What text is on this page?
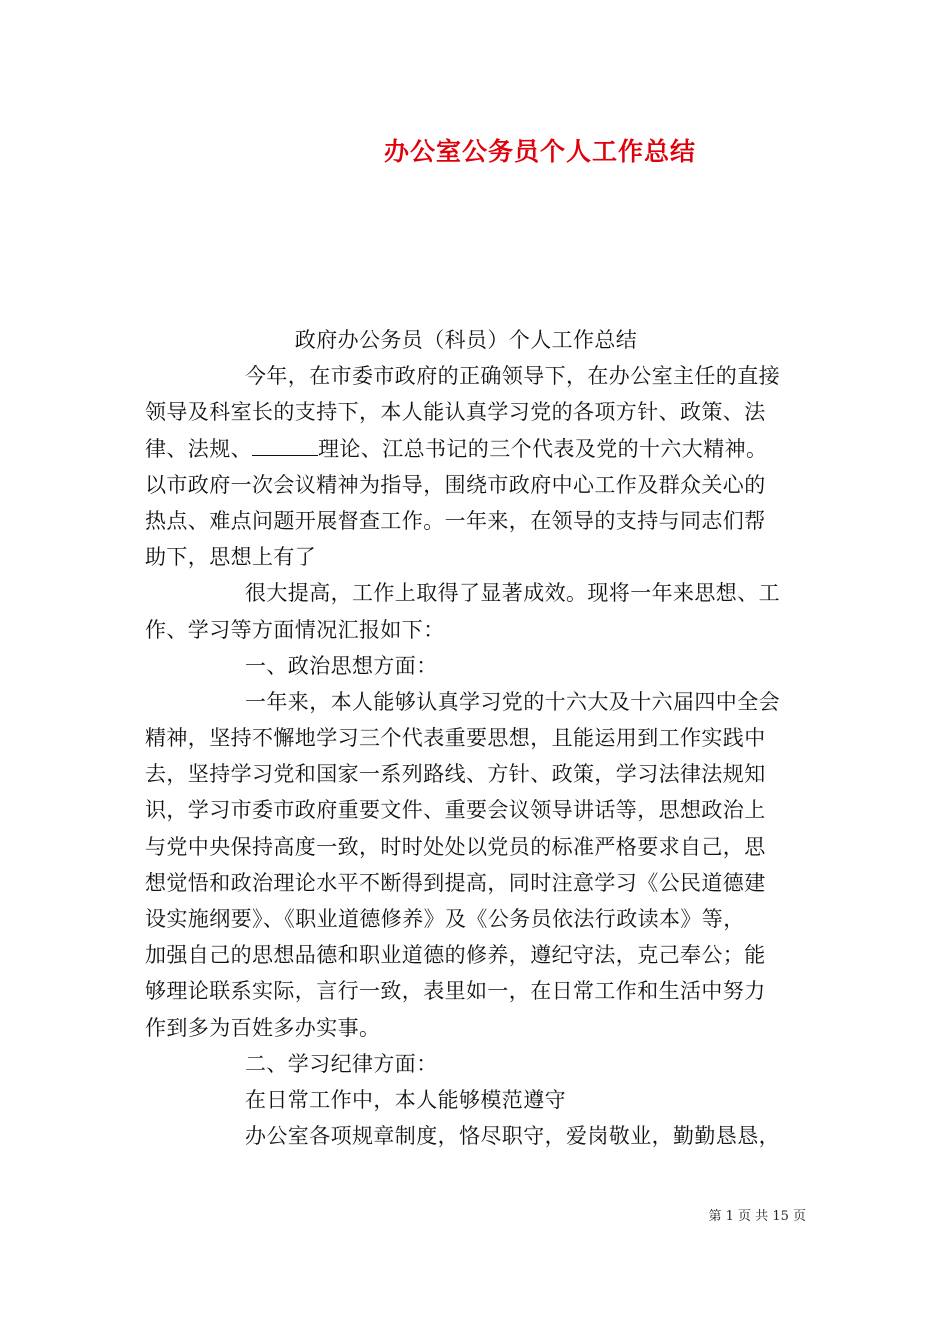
办公室公务员个人工作总结
政府办公务员（科员）个人工作总结
今年，在市委市政府的正确领导下，在办公室主任的直接
领导及科室长的支持下，本人能认真学习党的各项方针、政策、法
律、法规、	理论、江总书记的三个代表及党的十六大精神。
以市政府一次会议精神为指导，围绕市政府中心工作及群众关心的
热点、难点问题开展督查工作。一年来，在领导的支持与同志们帮
助下，思想上有了
很大提高，工作上取得了显著成效。现将一年来思想、工
作、学习等方面情况汇报如下：
一、政治思想方面：
一年来，本人能够认真学习党的十六大及十六届四中全会
精神，坚持不懈地学习三个代表重要思想，且能运用到工作实践中
去，坚持学习党和国家一系列路线、方针、政策，学习法律法规知
识，学习市委市政府重要文件、重要会议领导讲话等，思想政治上
与党中央保持高度一致，时时处处以党员的标准严格要求自己，思
想觉悟和政治理论水平不断得到提高，同时注意学习《公民道德建
设实施纲要》、《职业道德修养》及《公务员依法行政读本》等，
加强自己的思想品德和职业道德的修养，遵纪守法，克己奉公；能
够理论联系实际，言行一致，表里如一，在日常工作和生活中努力
作到多为百姓多办实事。
二、学习纪律方面：
在日常工作中，本人能够模范遵守
办公室各项规章制度，恪尽职守，爱岗敬业，勤勤恳恳，
第 1 页 共 15 页
